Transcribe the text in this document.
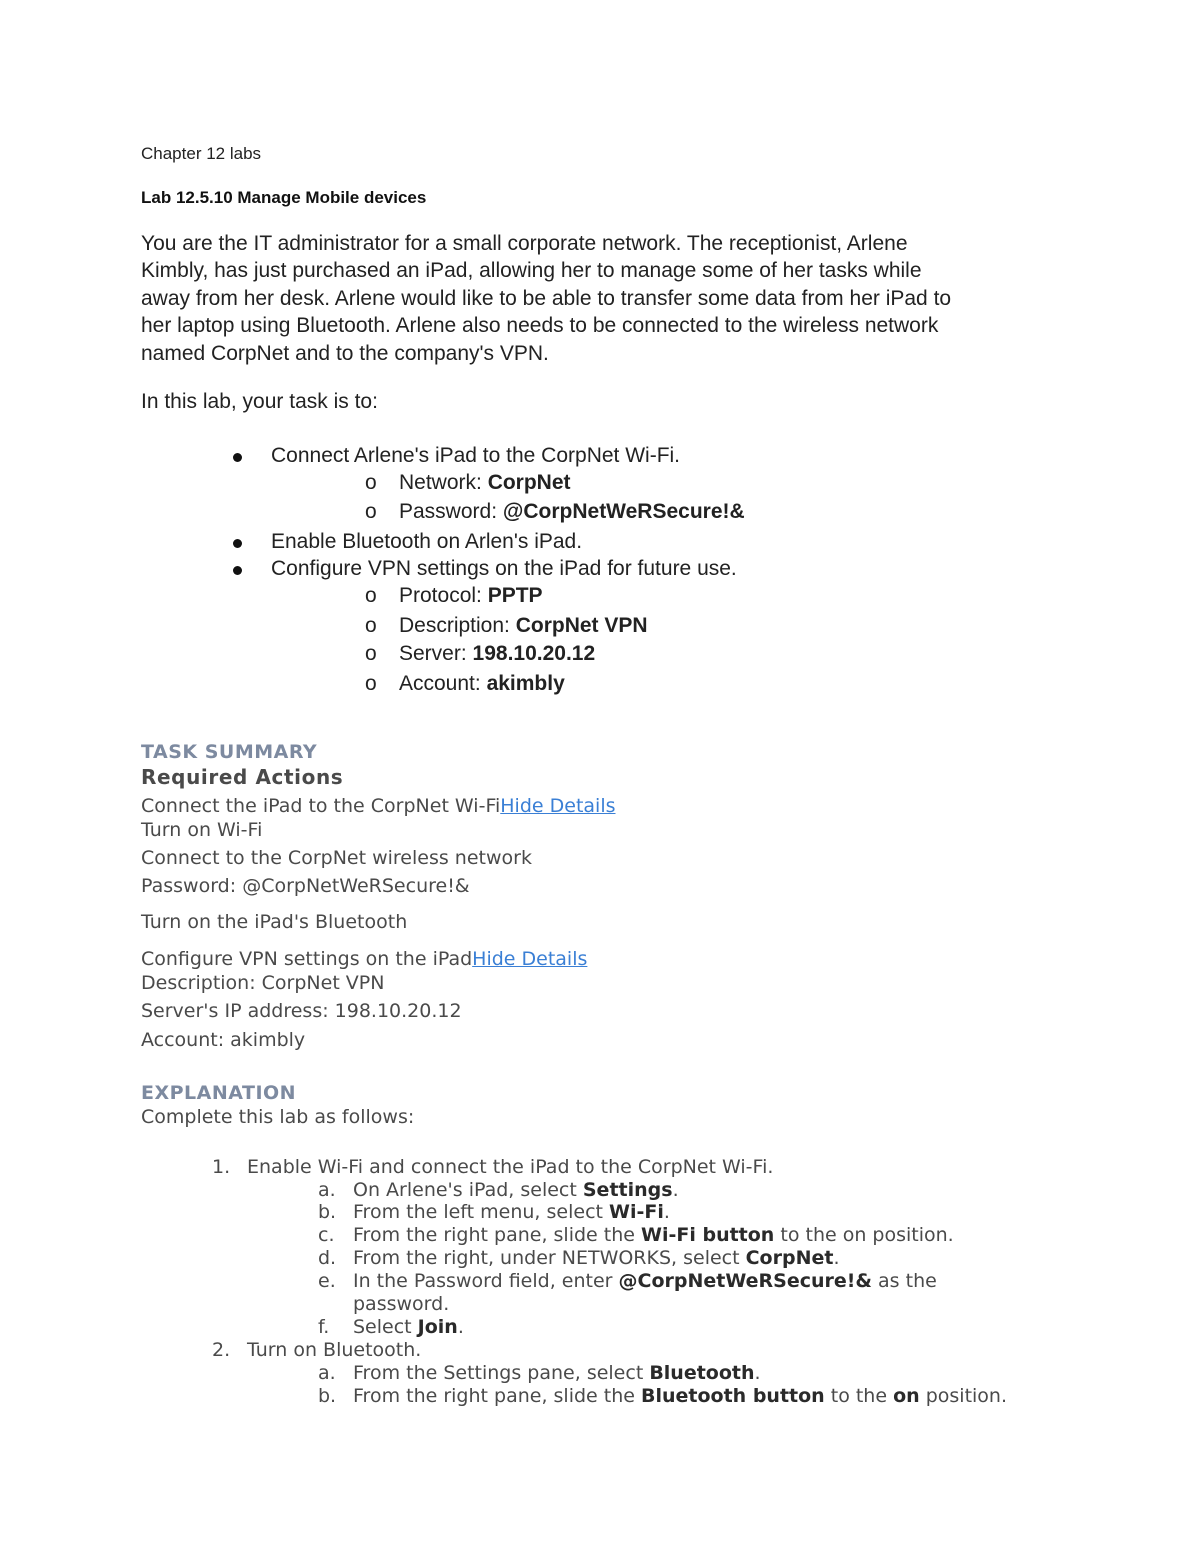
Chapter 12 labs
Lab 12.5.10 Manage Mobile devices
You are the IT administrator for a small corporate network. The receptionist, Arlene
Kimbly, has just purchased an iPad, allowing her to manage some of her tasks while
away from her desk. Arlene would like to be able to transfer some data from her iPad to
her laptop using Bluetooth. Arlene also needs to be connected to the wireless network
named CorpNet and to the company's VPN.
In this lab, your task is to:
Connect Arlene's iPad to the CorpNet Wi-Fi.
o Network: CorpNet
o Password: @CorpNetWeRSecure!&
Enable Bluetooth on Arlen's iPad.
Configure VPN settings on the iPad for future use.
o Protocol: PPTP
o Description: CorpNet VPN
o Server: 198.10.20.12
o Account: akimbly
TASK SUMMARY
Required Actions
Connect the iPad to the CorpNet Wi-FiHide Details
Turn on Wi-Fi
Connect to the CorpNet wireless network
Password: @CorpNetWeRSecure!&
Turn on the iPad's Bluetooth
Configure VPN settings on the iPadHide Details
Description: CorpNet VPN
Server's IP address: 198.10.20.12
Account: akimbly
EXPLANATION
Complete this lab as follows:
1. Enable Wi-Fi and connect the iPad to the CorpNet Wi-Fi.
a. On Arlene's iPad, select Settings.
b. From the left menu, select Wi-Fi.
c. From the right pane, slide the Wi-Fi button to the on position.
d. From the right, under NETWORKS, select CorpNet.
e. In the Password field, enter @CorpNetWeRSecure!& as the
password.
f. Select Join.
2. Turn on Bluetooth.
a. From the Settings pane, select Bluetooth.
b. From the right pane, slide the Bluetooth button to the on position.
